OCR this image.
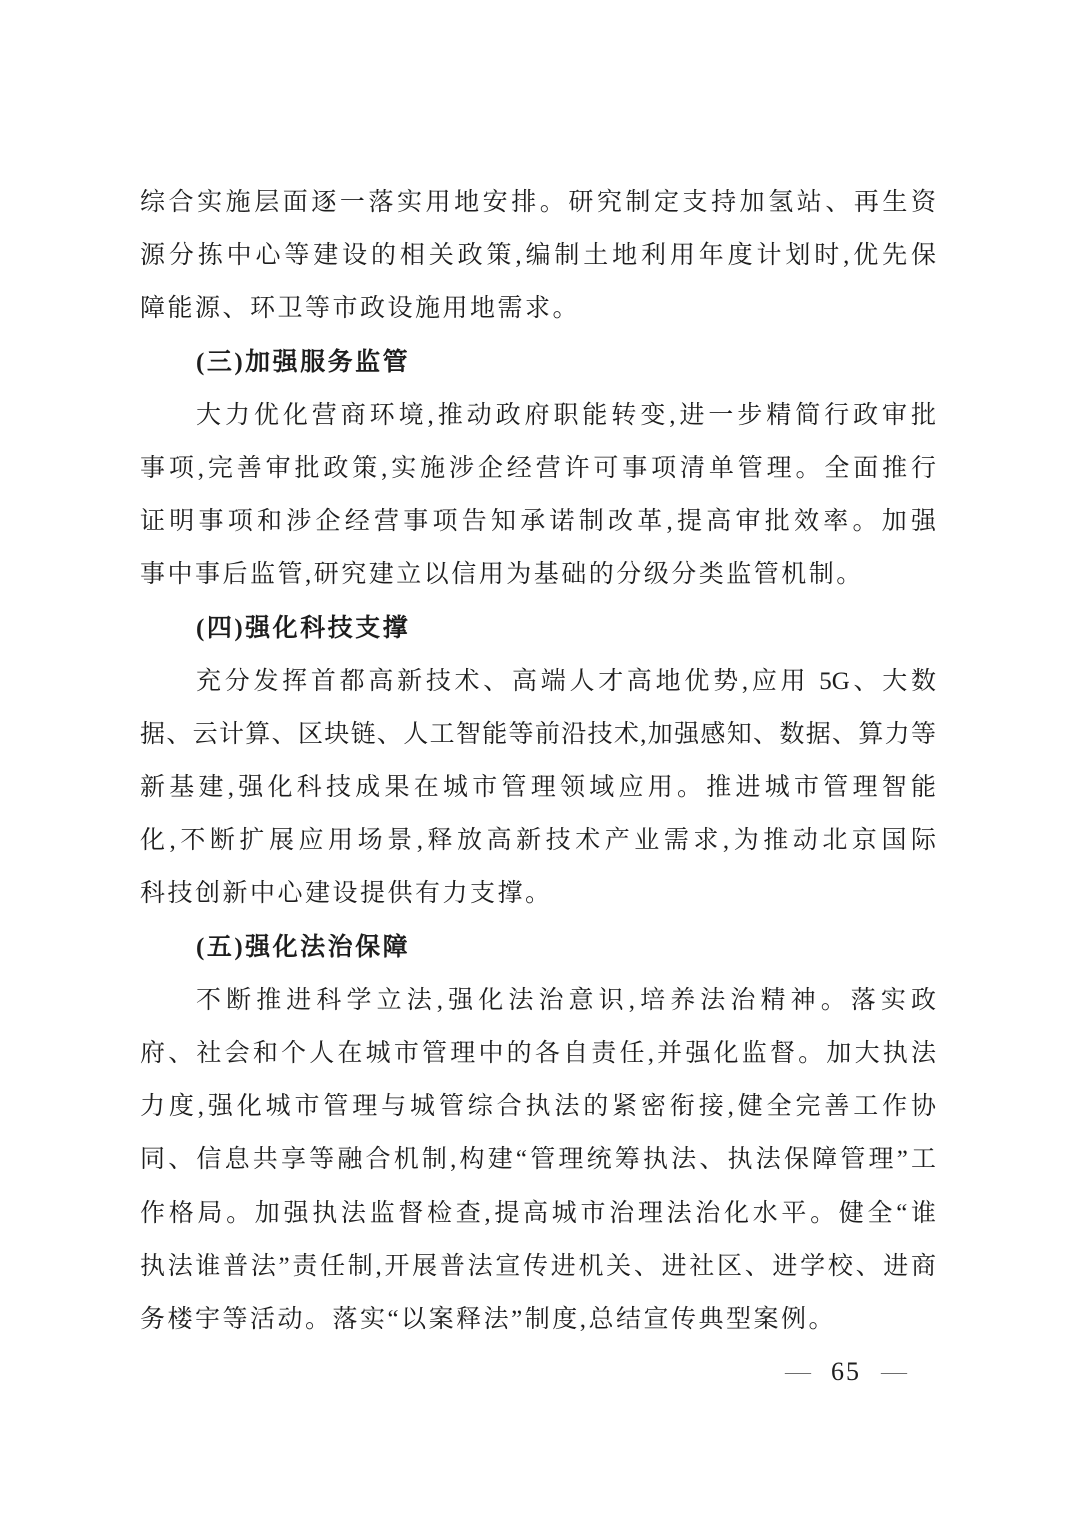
综合实施层面逐一落实用地安排。研究制定支持加氢站、再生资
源分拣中心等建设的相关政策,编制土地利用年度计划时,优先保
障能源、环卫等市政设施用地需求。
(三)加强服务监管
大力优化营商环境,推动政府职能转变,进一步精简行政审批
事项,完善审批政策,实施涉企经营许可事项清单管理。全面推行
证明事项和涉企经营事项告知承诺制改革,提高审批效率。加强
事中事后监管,研究建立以信用为基础的分级分类监管机制。
(四)强化科技支撑
充分发挥首都高新技术、高端人才高地优势,应用 5G、大数
据、云计算、区块链、人工智能等前沿技术,加强感知、数据、算力等
新基建,强化科技成果在城市管理领域应用。推进城市管理智能
化,不断扩展应用场景,释放高新技术产业需求,为推动北京国际
科技创新中心建设提供有力支撑。
(五)强化法治保障
不断推进科学立法,强化法治意识,培养法治精神。落实政
府、社会和个人在城市管理中的各自责任,并强化监督。加大执法
力度,强化城市管理与城管综合执法的紧密衔接,健全完善工作协
同、信息共享等融合机制,构建“管理统筹执法、执法保障管理”工
作格局。加强执法监督检查,提高城市治理法治化水平。健全“谁
执法谁普法”责任制,开展普法宣传进机关、进社区、进学校、进商
务楼宇等活动。落实“以案释法”制度,总结宣传典型案例。
— 65 —
